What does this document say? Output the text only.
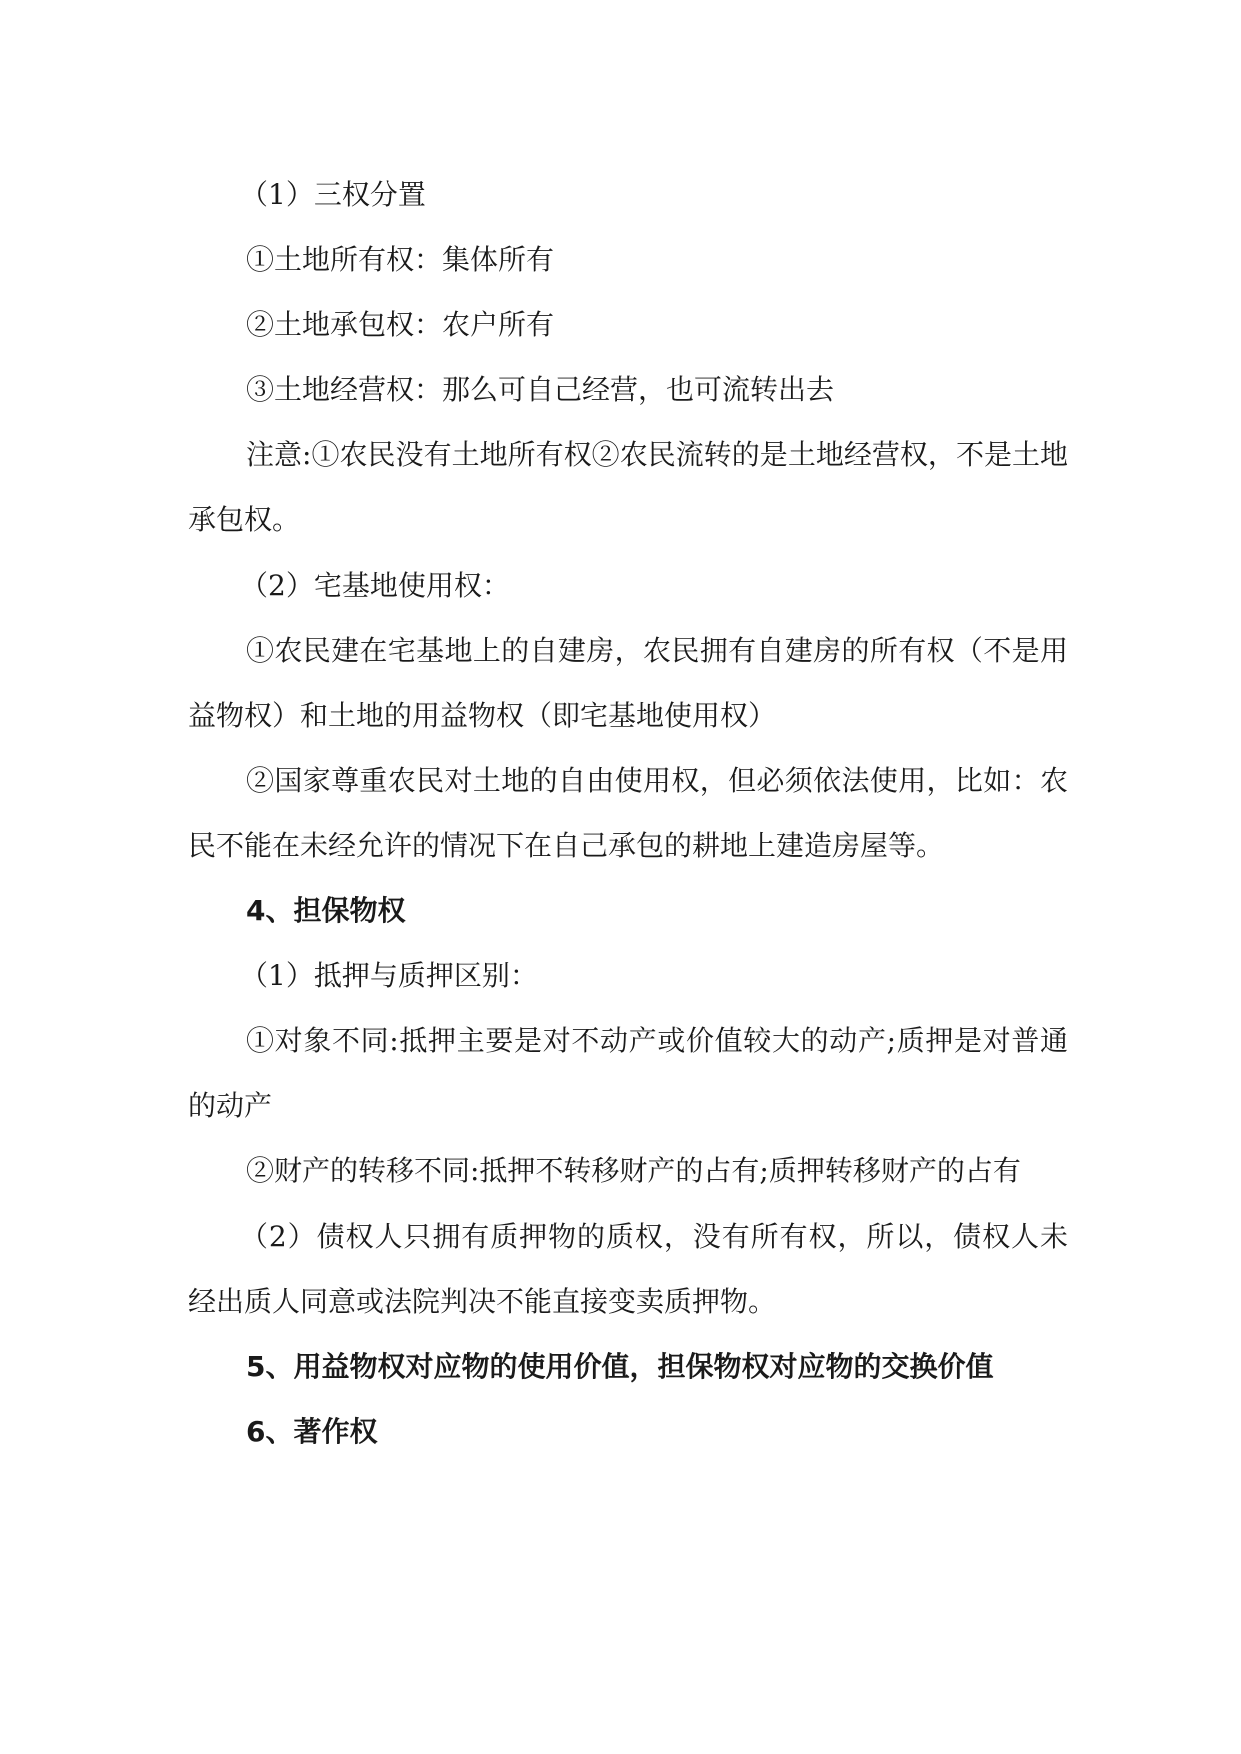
（1）三权分置

①土地所有权：集体所有

②土地承包权：农户所有

③土地经营权：那么可自己经营，也可流转出去

注意:①农民没有土地所有权②农民流转的是土地经营权，不是土地承包权。

（2）宅基地使用权：

①农民建在宅基地上的自建房，农民拥有自建房的所有权（不是用益物权）和土地的用益物权（即宅基地使用权）

②国家尊重农民对土地的自由使用权，但必须依法使用，比如：农民不能在未经允许的情况下在自己承包的耕地上建造房屋等。

4、担保物权

（1）抵押与质押区别：

①对象不同:抵押主要是对不动产或价值较大的动产;质押是对普通的动产

②财产的转移不同:抵押不转移财产的占有;质押转移财产的占有

（2）债权人只拥有质押物的质权，没有所有权，所以，债权人未经出质人同意或法院判决不能直接变卖质押物。

5、用益物权对应物的使用价值，担保物权对应物的交换价值

6、著作权
